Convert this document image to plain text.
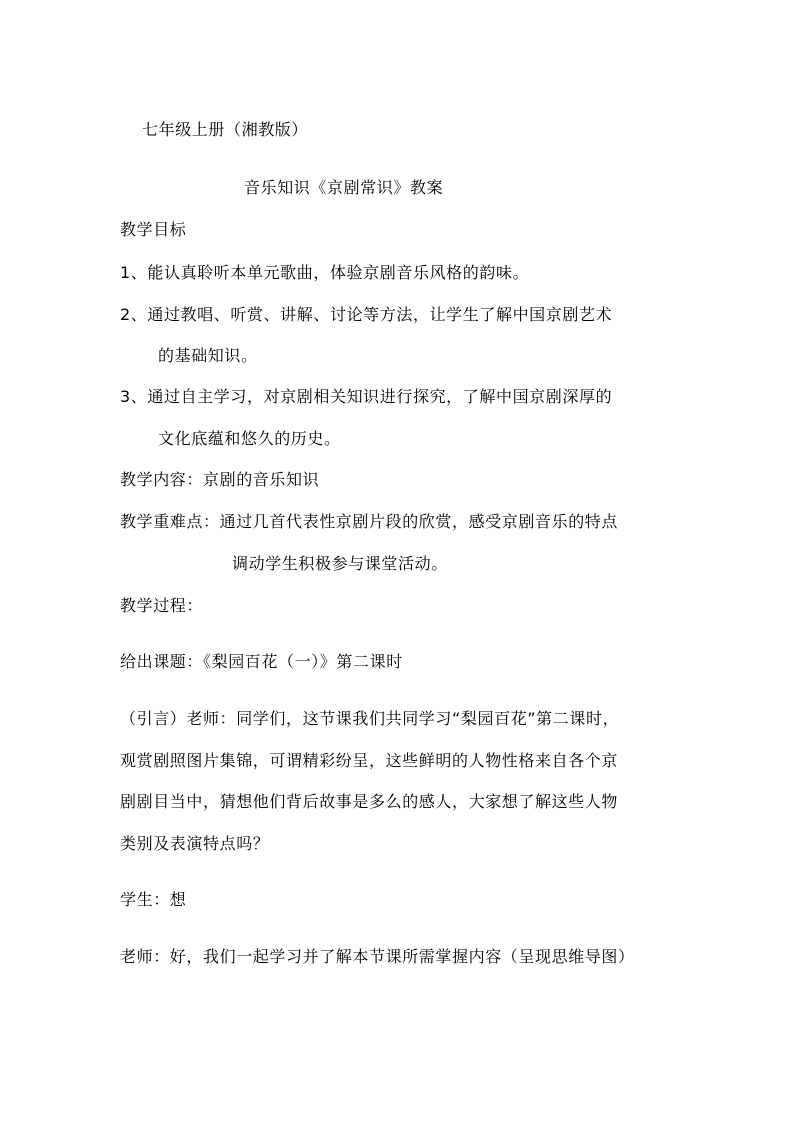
七年级上册（湘教版）
音乐知识《京剧常识》教案
教学目标
1、能认真聆听本单元歌曲，体验京剧音乐风格的韵味。
2、通过教唱、听赏、讲解、讨论等方法，让学生了解中国京剧艺术
的基础知识。
3、通过自主学习，对京剧相关知识进行探究，了解中国京剧深厚的
文化底蕴和悠久的历史。
教学内容：京剧的音乐知识
教学重难点：通过几首代表性京剧片段的欣赏，感受京剧音乐的特点
调动学生积极参与课堂活动。
教学过程：
给出课题：《梨园百花（一）》第二课时
（引言）老师：同学们，这节课我们共同学习“梨园百花”第二课时，
观赏剧照图片集锦，可谓精彩纷呈，这些鲜明的人物性格来自各个京
剧剧目当中，猜想他们背后故事是多么的感人，大家想了解这些人物
类别及表演特点吗？
学生：想
老师：好，我们一起学习并了解本节课所需掌握内容（呈现思维导图）
